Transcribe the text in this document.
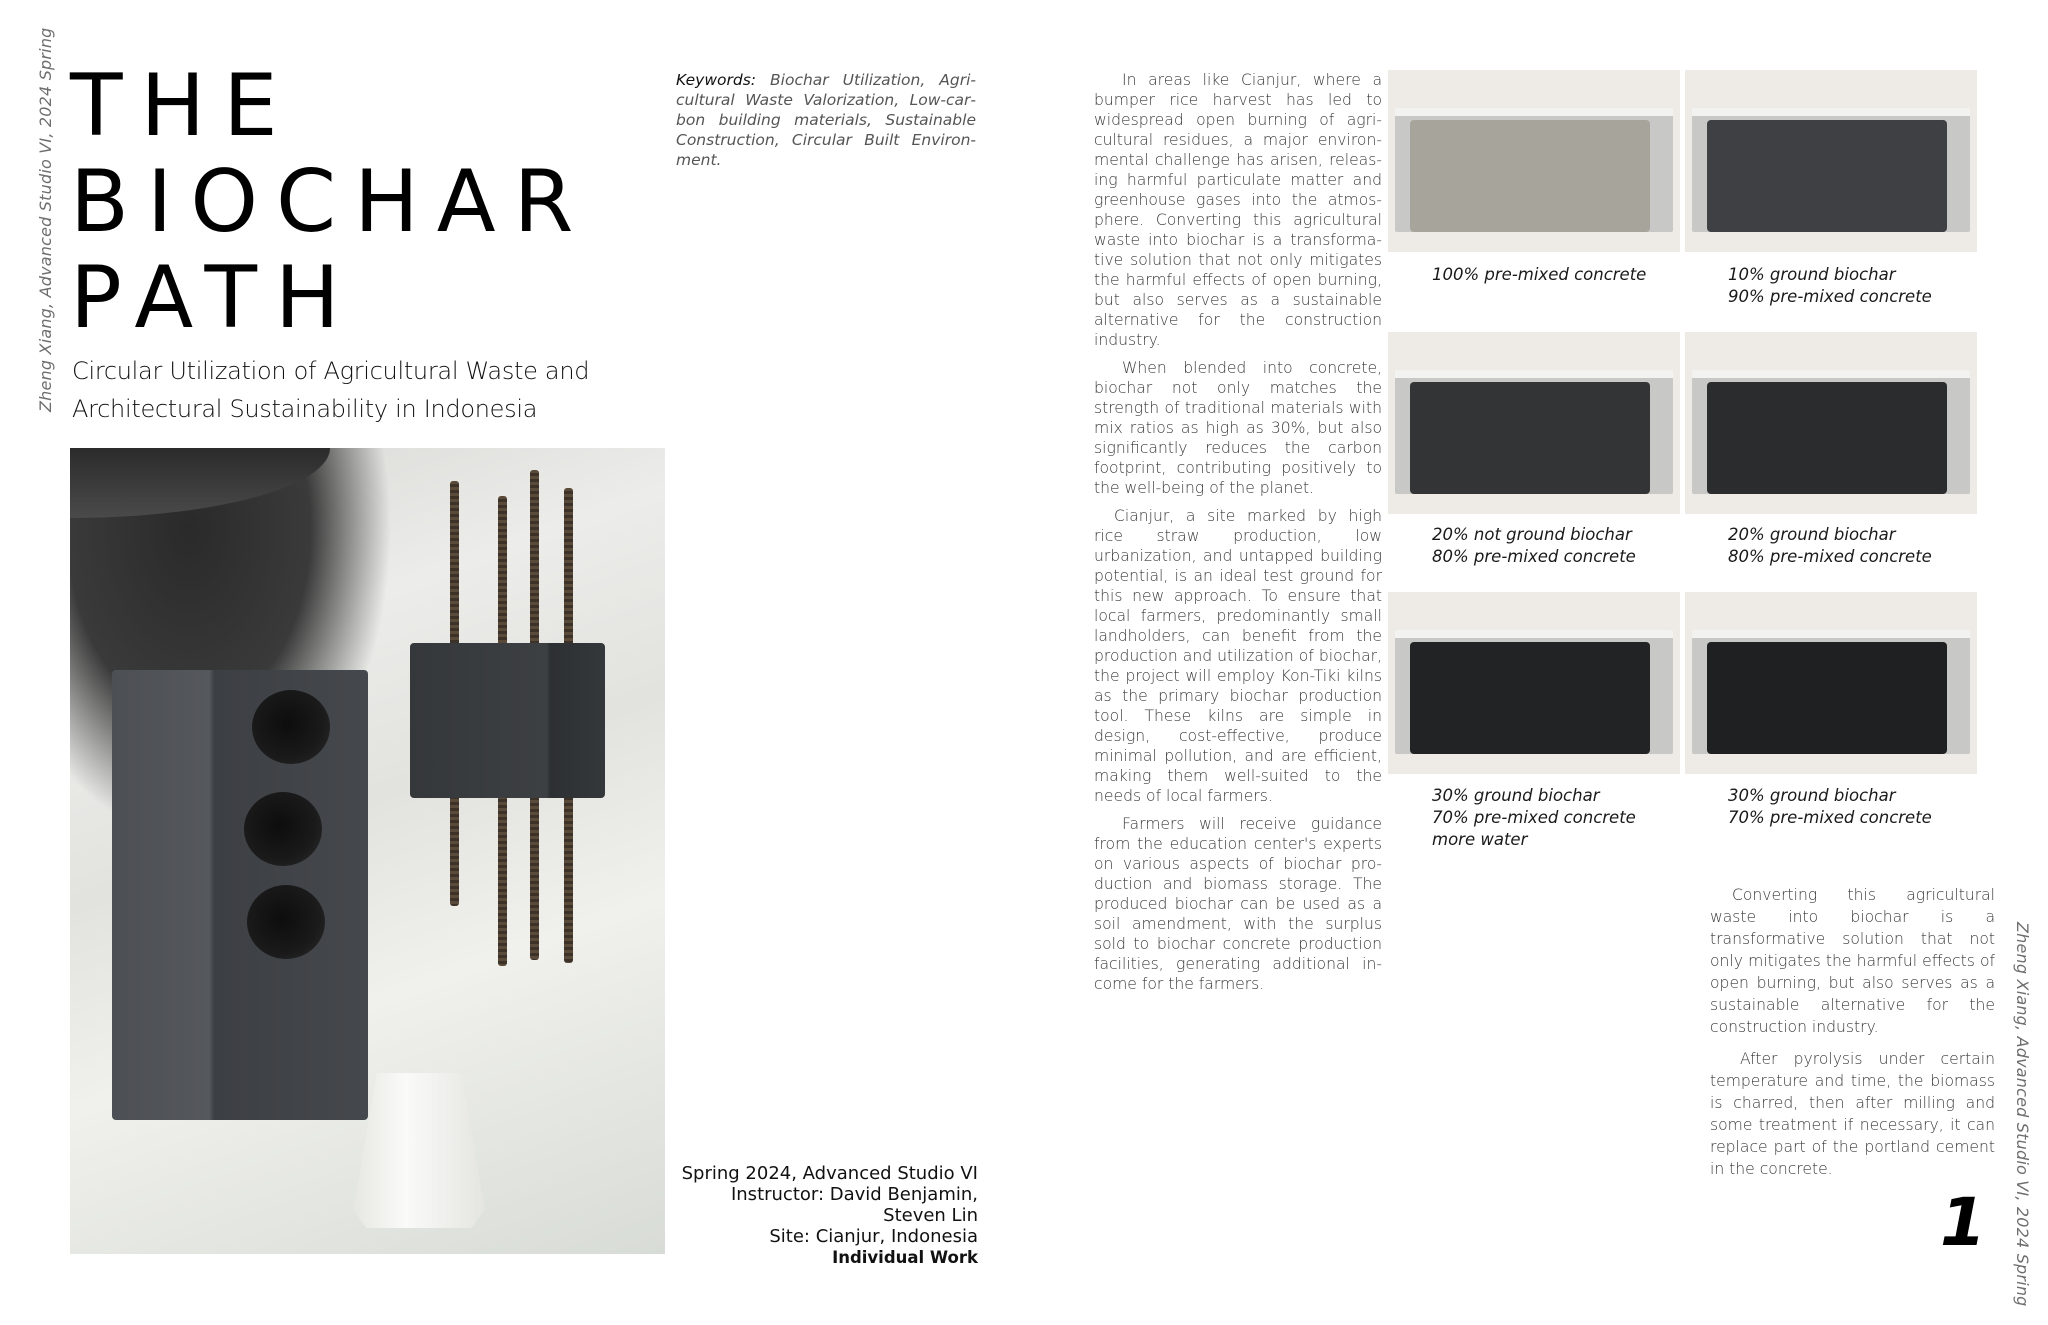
Zheng Xiang, Advanced Studio VI, 2024 Spring
Zheng Xiang, Advanced Studio VI, 2024 Spring
THE
BIOCHAR
PATH

Circular Utilization of Agricultural Waste and Architectural Sustainability in Indonesia

Keywords: Biochar Utilization, Agricultural Waste Valorization, Low-carbon building materials, Sustainable Construction, Circular Built Environment.
Spring 2024, Advanced Studio VI
Instructor: David Benjamin,
Steven Lin
Site: Cianjur, Indonesia
Individual Work

In areas like Cianjur, where a bumper rice harvest has led to widespread open burning of agricultural residues, a major environmental challenge has arisen, releasing harmful particulate matter and greenhouse gases into the atmosphere. Converting this agricultural waste into biochar is a transformative solution that not only mitigates the harmful effects of open burning, but also serves as a sustainable alternative for the construction industry.

When blended into concrete, biochar not only matches the strength of traditional materials with mix ratios as high as 30%, but also significantly reduces the carbon footprint, contributing positively to the well-being of the planet.

Cianjur, a site marked by high rice straw production, low urbanization, and untapped building potential, is an ideal test ground for this new approach. To ensure that local farmers, predominantly small landholders, can benefit from the production and utilization of biochar, the project will employ Kon-Tiki kilns as the primary biochar production tool. These kilns are simple in design, cost-effective, produce minimal pollution, and are efficient, making them well-suited to the needs of local farmers.

Farmers will receive guidance from the education center's experts on various aspects of biochar production and biomass storage. The produced biochar can be used as a soil amendment, with the surplus sold to biochar concrete production facilities, generating additional income for the farmers.

100% pre-mixed concrete	10% ground biochar
90% pre-mixed concrete
20% not ground biochar
80% pre-mixed concrete
20% ground biochar
80% pre-mixed concrete
30% ground biochar
70% pre-mixed concrete
more water
30% ground biochar
70% pre-mixed concrete

Converting this agricultural waste into biochar is a transformative solution that not only mitigates the harmful effects of open burning, but also serves as a sustainable alternative for the construction industry.

After pyrolysis under certain temperature and time, the biomass is charred, then after milling and some treatment if necessary, it can replace part of the portland cement in the concrete.

1
